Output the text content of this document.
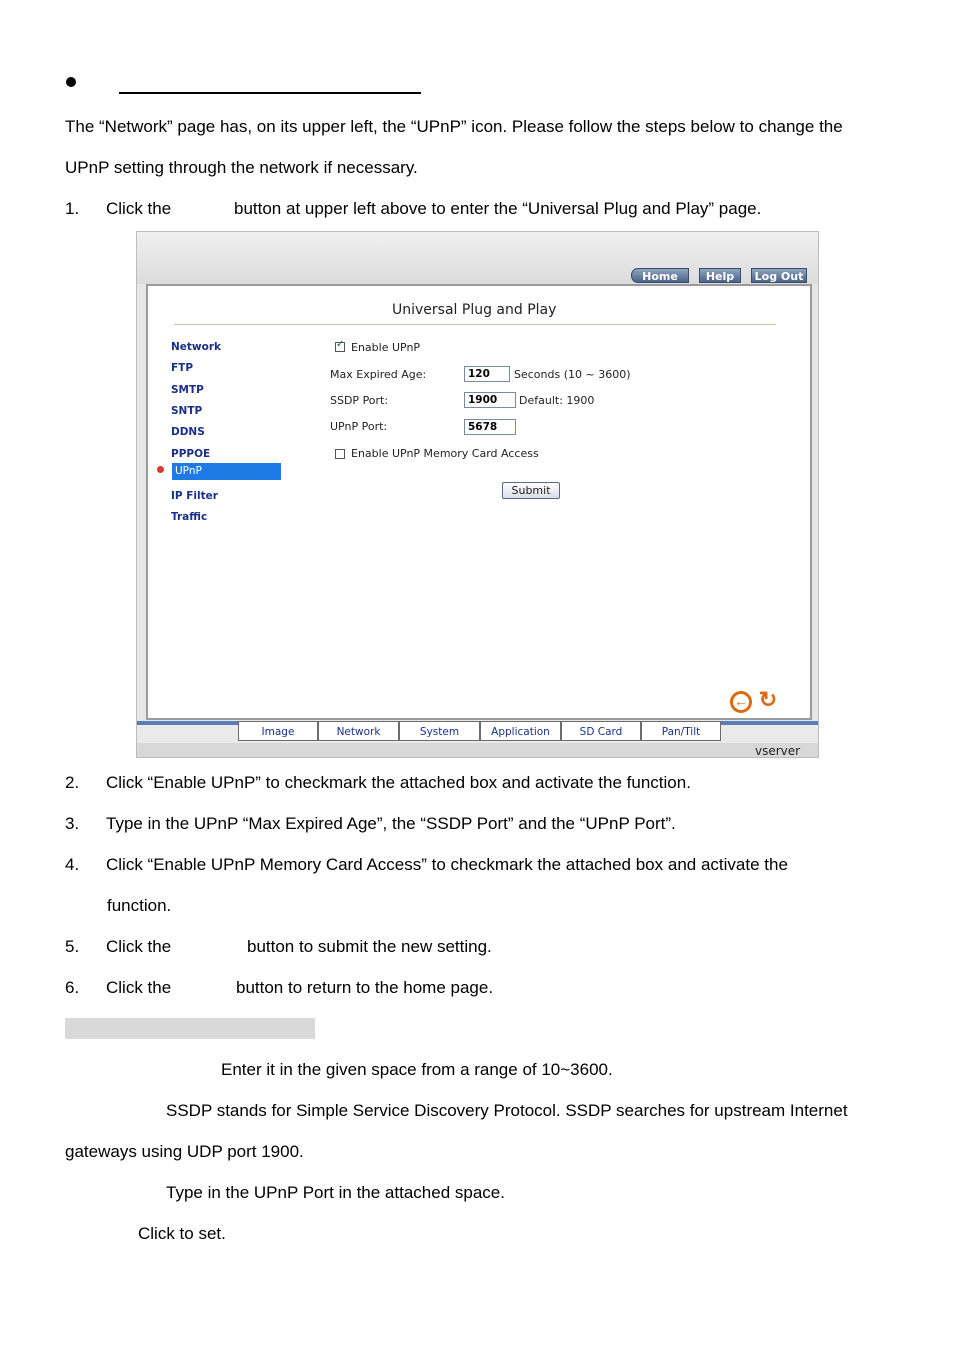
The “Network” page has, on its upper left, the “UPnP” icon. Please follow the steps below to change the
UPnP setting through the network if necessary.
1. Click the	button at upper left above to enter the “Universal Plug and Play” page.
Home	Help	Log Out
Universal Plug and Play
Network
FTP
SMTP
SNTP
DDNS
PPPOE
UPnP
IP Filter
Traffic
✓ Enable UPnP
Max Expired Age:	120	Seconds (10 ~ 3600)
SSDP Port:	1900	Default: 1900
UPnP Port:	5678
Enable UPnP Memory Card Access
Submit
← ↻
Image	Network	System	Application	SD Card	Pan/Tilt
vserver
2. Click “Enable UPnP” to checkmark the attached box and activate the function.
3. Type in the UPnP “Max Expired Age”, the “SSDP Port” and the “UPnP Port”.
4. Click “Enable UPnP Memory Card Access” to checkmark the attached box and activate the
function.
5. Click the	button to submit the new setting.
6. Click the	button to return to the home page.
Enter it in the given space from a range of 10~3600.
SSDP stands for Simple Service Discovery Protocol. SSDP searches for upstream Internet
gateways using UDP port 1900.
Type in the UPnP Port in the attached space.
Click to set.
